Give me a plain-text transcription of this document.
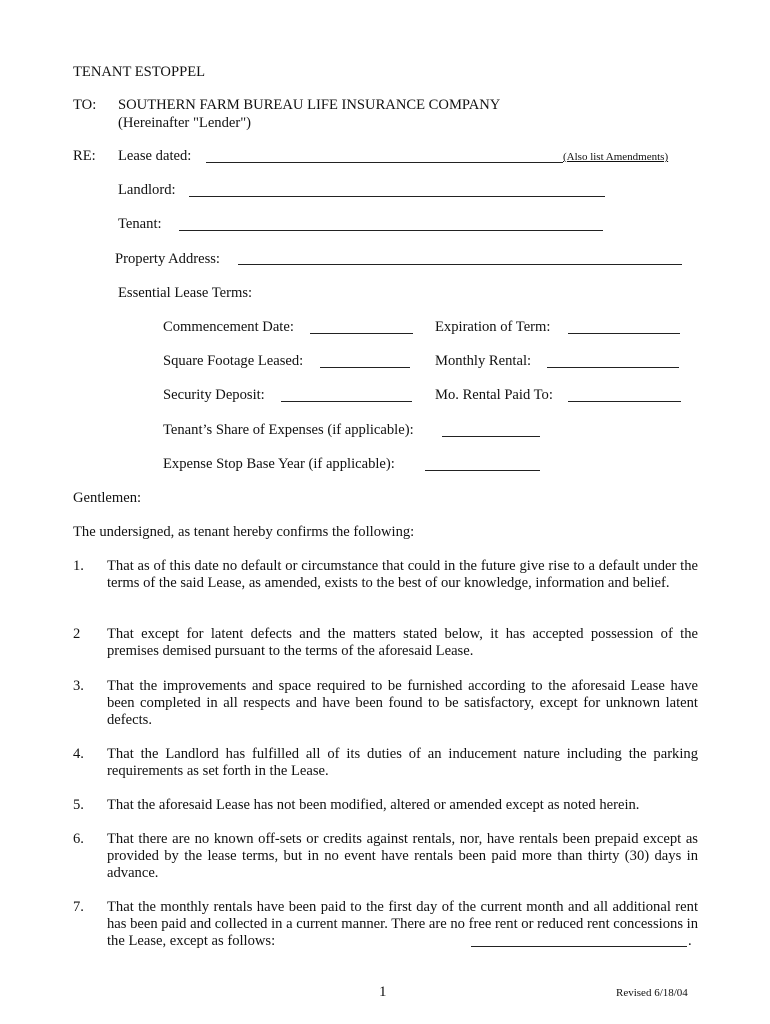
TENANT ESTOPPEL
TO: SOUTHERN FARM BUREAU LIFE INSURANCE COMPANY
(Hereinafter "Lender")
RE: Lease dated:	(Also list Amendments)
Landlord:
Tenant:
Property Address:
Essential Lease Terms:
Commencement Date:	Expiration of Term:
Square Footage Leased:	Monthly Rental:
Security Deposit:	Mo. Rental Paid To:
Tenant’s Share of Expenses (if applicable):
Expense Stop Base Year (if applicable):
Gentlemen:
The undersigned, as tenant hereby confirms the following:
1. That as of this date no default or circumstance that could in the future give rise to a default under the terms of the said Lease, as amended, exists to the best of our knowledge, information and belief.
2 That except for latent defects and the matters stated below, it has accepted possession of the premises demised pursuant to the terms of the aforesaid Lease.
3. That the improvements and space required to be furnished according to the aforesaid Lease have been completed in all respects and have been found to be satisfactory, except for unknown latent defects.
4. That the Landlord has fulfilled all of its duties of an inducement nature including the parking requirements as set forth in the Lease.
5. That the aforesaid Lease has not been modified, altered or amended except as noted herein.
6. That there are no known off-sets or credits against rentals, nor, have rentals been prepaid except as provided by the lease terms, but in no event have rentals been paid more than thirty (30) days in advance.
7. That the monthly rentals have been paid to the first day of the current month and all additional rent has been paid and collected in a current manner. There are no free rent or reduced rent concessions in the Lease, except as follows:	.
1	Revised 6/18/04
